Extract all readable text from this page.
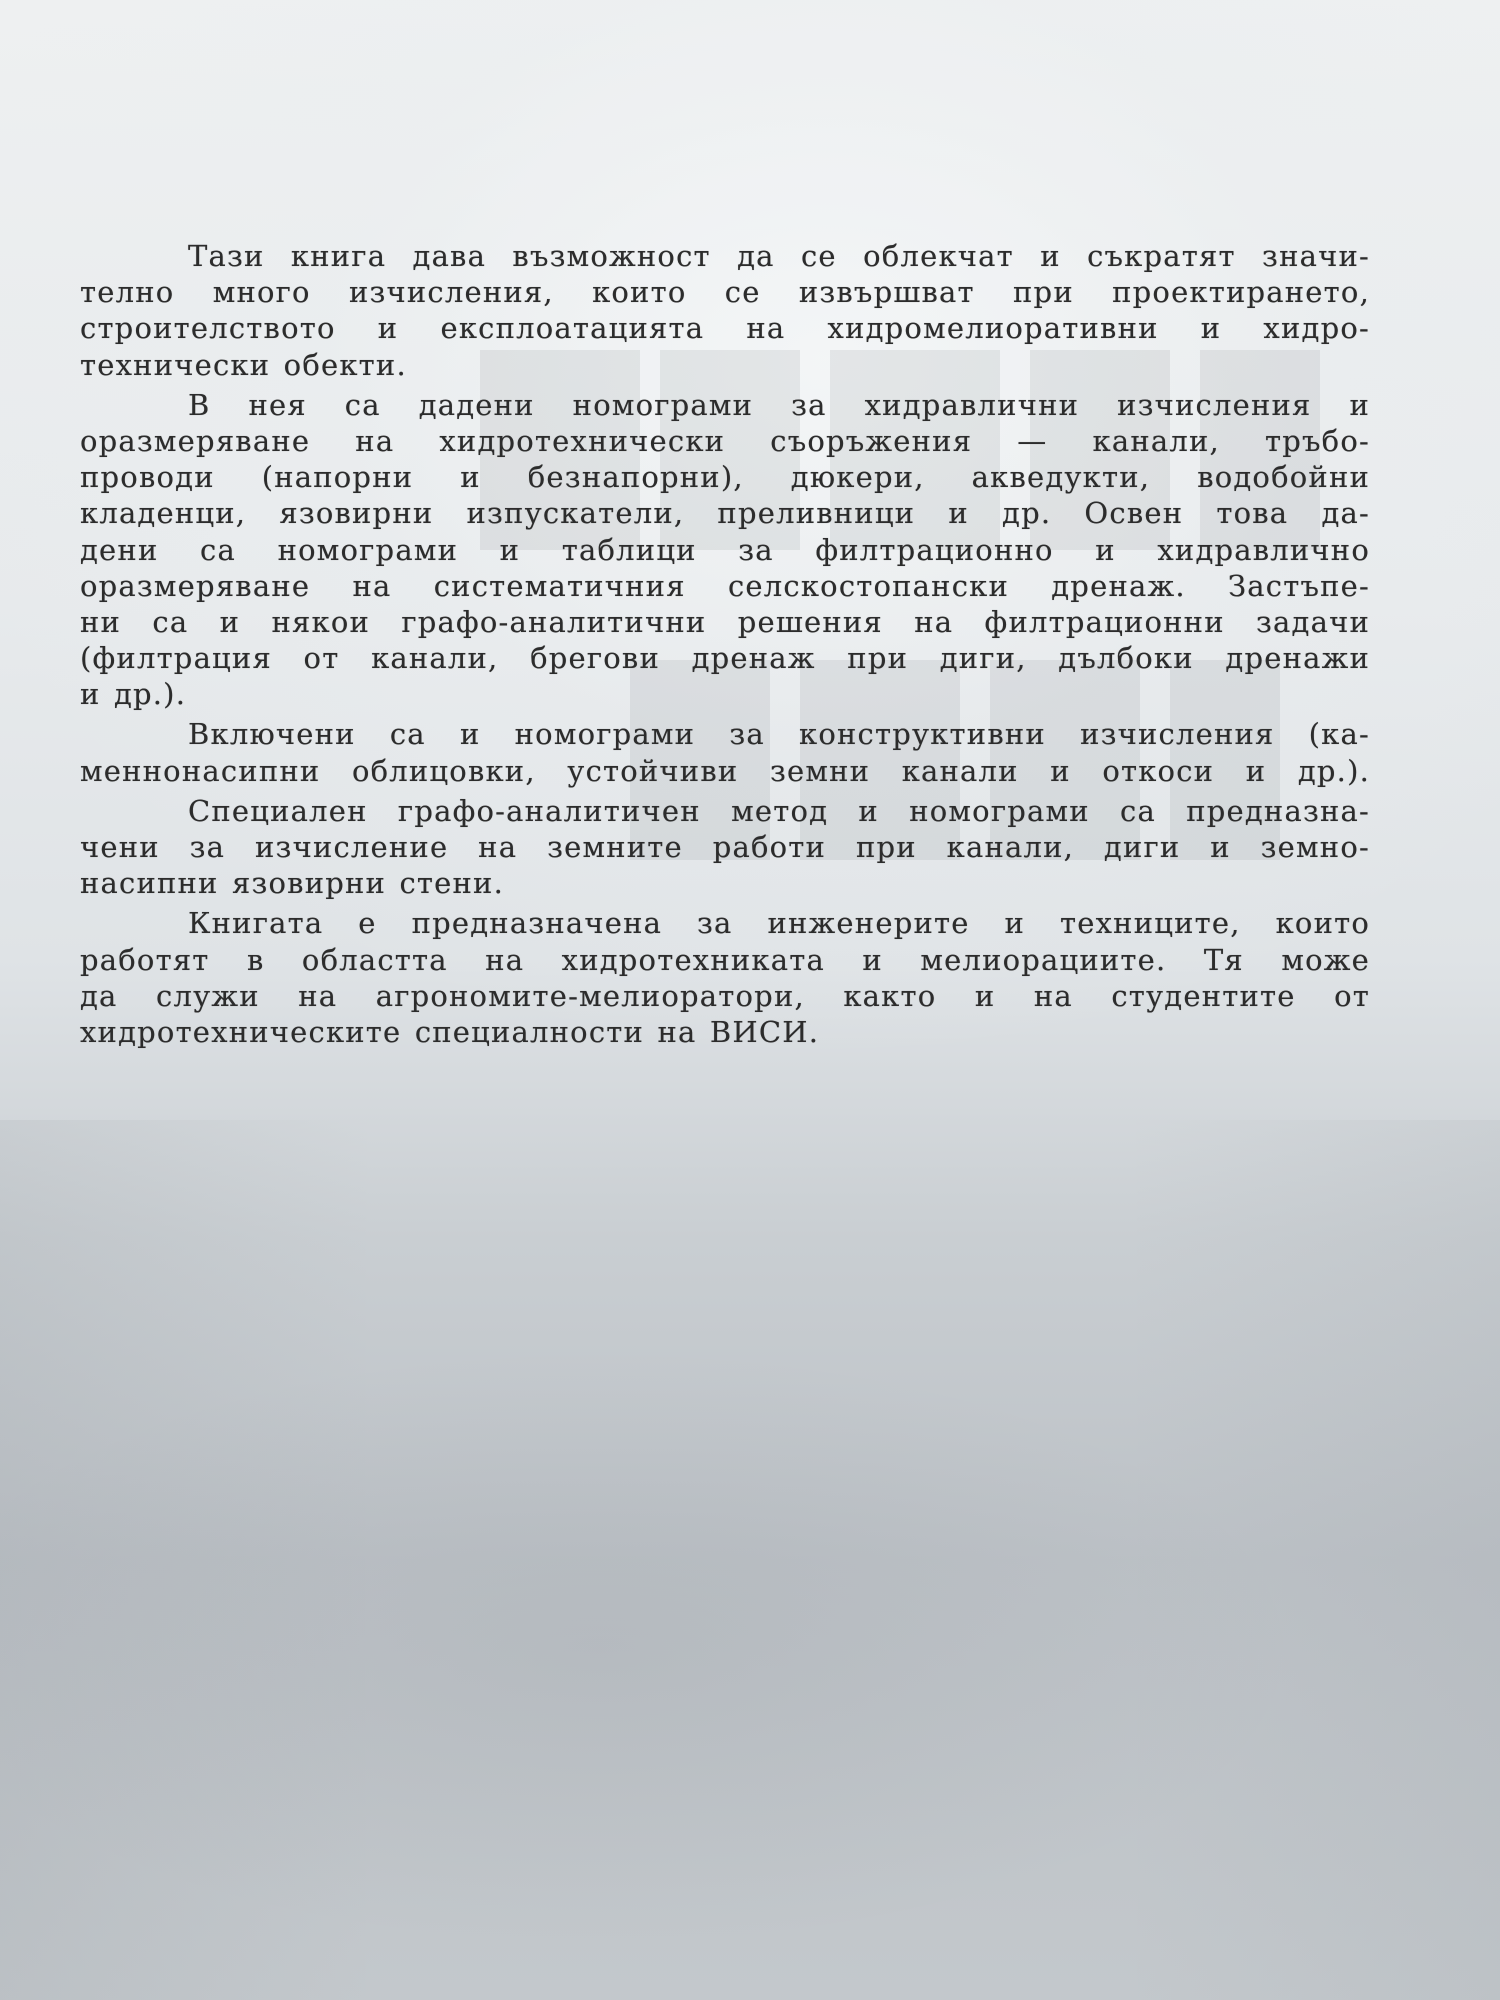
Тази книга дава възможност да се облекчат и съкратят значи-
телно много изчисления, които се извършват при проектирането,
строителството и експлоатацията на хидромелиоративни и хидро-
технически обекти.
В нея са дадени номограми за хидравлични изчисления и
оразмеряване на хидротехнически съоръжения — канали, тръбо-
проводи (напорни и безнапорни), дюкери, акведукти, водобойни
кладенци, язовирни изпускатели, преливници и др. Освен това да-
дени са номограми и таблици за филтрационно и хидравлично
оразмеряване на систематичния селскостопански дренаж. Застъпе-
ни са и някои графо-аналитични решения на филтрационни задачи
(филтрация от канали, брегови дренаж при диги, дълбоки дренажи
и др.).
Включени са и номограми за конструктивни изчисления (ка-
меннонасипни облицовки, устойчиви земни канали и откоси и др.).
Специален графо-аналитичен метод и номограми са предназна-
чени за изчисление на земните работи при канали, диги и земно-
насипни язовирни стени.
Книгата е предназначена за инженерите и техниците, които
работят в областта на хидротехниката и мелиорациите. Тя може
да служи на агрономите-мелиоратори, както и на студентите от
хидротехническите специалности на ВИСИ.
